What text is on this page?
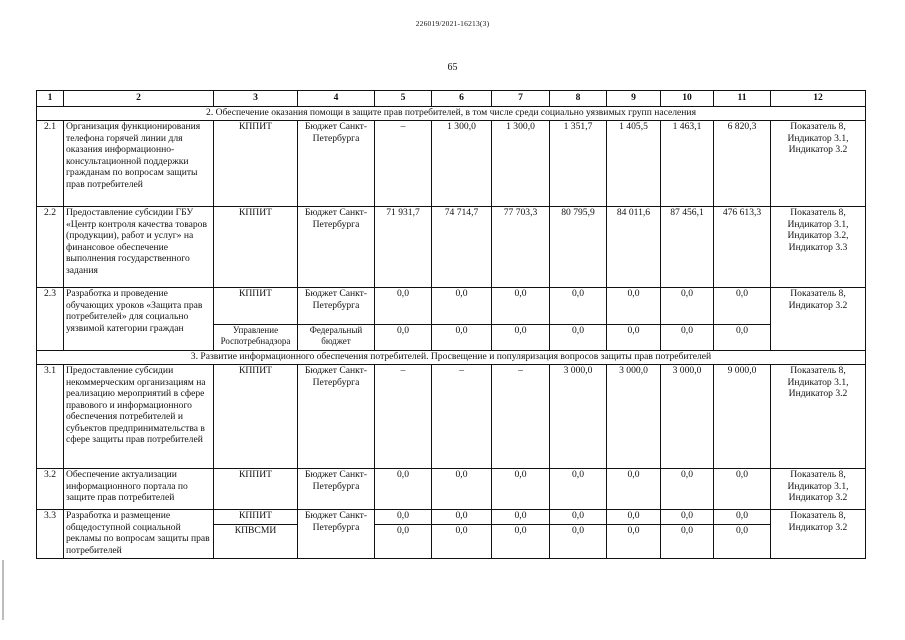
226019/2021-16213(3)
65
1	2	3	4	5	6	7	8	9	10	11	12
2. Обеспечение оказания помощи в защите прав потребителей, в том числе среди социально уязвимых групп населения											
2.1	Организация функционирования телефона горячей линии для оказания информационно-консультационной поддержки гражданам по вопросам защиты прав потребителей	КППИТ	Бюджет Санкт-Петербурга	–	1 300,0	1 300,0	1 351,7	1 405,5	1 463,1	6 820,3	Показатель 8, Индикатор 3.1, Индикатор 3.2
2.2	Предоставление субсидии ГБУ «Центр контроля качества товаров (продукции), работ и услуг» на финансовое обеспечение выполнения государственного задания	КППИТ	Бюджет Санкт-Петербурга	71 931,7	74 714,7	77 703,3	80 795,9	84 011,6	87 456,1	476 613,3	Показатель 8, Индикатор 3.1, Индикатор 3.2, Индикатор 3.3
2.3	Разработка и проведение обучающих уроков «Защита прав потребителей» для социально уязвимой категории граждан	КППИТ	Бюджет Санкт-Петербурга	0,0	0,0	0,0	0,0	0,0	0,0	0,0	Показатель 8, Индикатор 3.2
		Управление Роспотребнадзора	Федеральный бюджет	0,0	0,0	0,0	0,0	0,0	0,0	0,0	
3. Развитие информационного обеспечения потребителей. Просвещение и популяризация вопросов защиты прав потребителей											
3.1	Предоставление субсидии некоммерческим организациям на реализацию мероприятий в сфере правового и информационного обеспечения потребителей и субъектов предпринимательства в сфере защиты прав потребителей	КППИТ	Бюджет Санкт-Петербурга	–	–	–	3 000,0	3 000,0	3 000,0	9 000,0	Показатель 8, Индикатор 3.1, Индикатор 3.2
3.2	Обеспечение актуализации информационного портала по защите прав потребителей	КППИТ	Бюджет Санкт-Петербурга	0,0	0,0	0,0	0,0	0,0	0,0	0,0	Показатель 8, Индикатор 3.1, Индикатор 3.2
3.3	Разработка и размещение общедоступной социальной рекламы по вопросам защиты прав потребителей	КППИТ	Бюджет Санкт-Петербурга	0,0	0,0	0,0	0,0	0,0	0,0	0,0	Показатель 8, Индикатор 3.2
		КПВСМИ		0,0	0,0	0,0	0,0	0,0	0,0	0,0	
